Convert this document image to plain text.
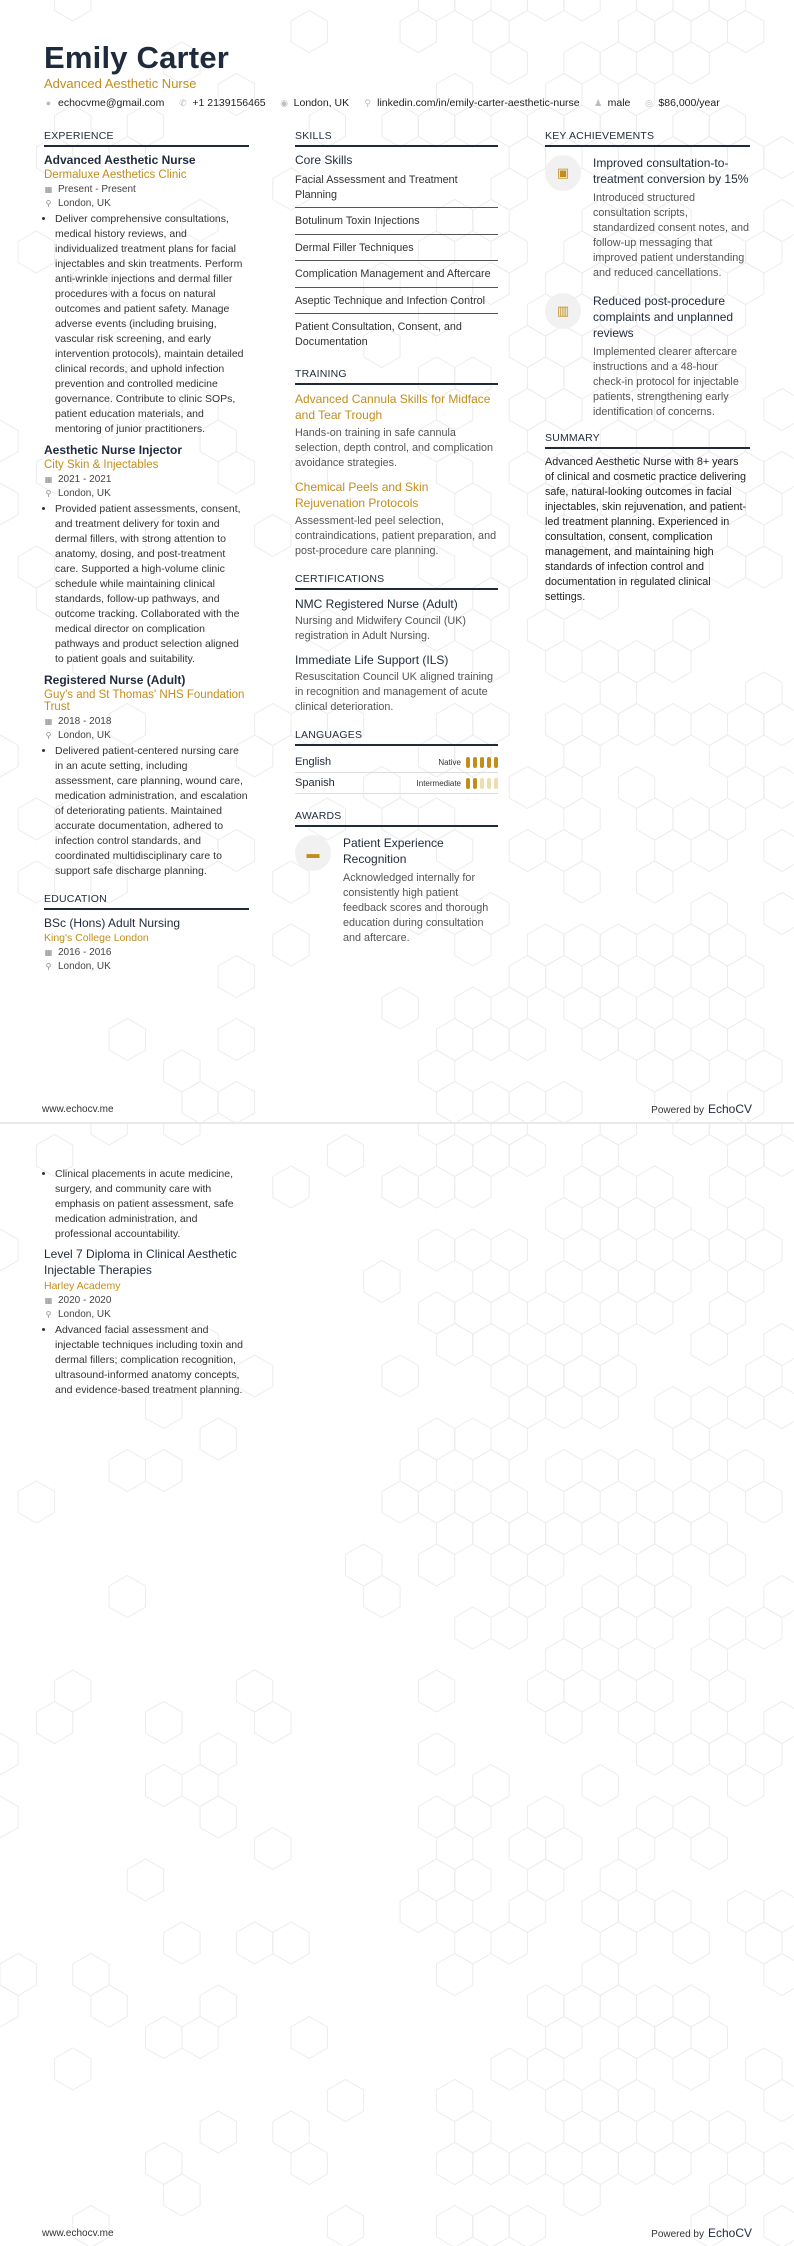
Emily Carter
Advanced Aesthetic Nurse
● echocvme@gmail.com ✆ +1 2139156465 ◉ London, UK ⚲ linkedin.com/in/emily-carter-aesthetic-nurse ♟ male ◎ $86,000/year
EXPERIENCE
Advanced Aesthetic Nurse
Dermaluxe Aesthetics Clinic
▦ Present - Present
⚲ London, UK
• Deliver comprehensive consultations, medical history reviews, and individualized treatment plans for facial injectables and skin treatments. Perform anti-wrinkle injections and dermal filler procedures with a focus on natural outcomes and patient safety. Manage adverse events (including bruising, vascular risk screening, and early intervention protocols), maintain detailed clinical records, and uphold infection prevention and controlled medicine governance. Contribute to clinic SOPs, patient education materials, and mentoring of junior practitioners.
Aesthetic Nurse Injector
City Skin & Injectables
▦ 2021 - 2021
⚲ London, UK
• Provided patient assessments, consent, and treatment delivery for toxin and dermal fillers, with strong attention to anatomy, dosing, and post-treatment care. Supported a high-volume clinic schedule while maintaining clinical standards, follow-up pathways, and outcome tracking. Collaborated with the medical director on complication pathways and product selection aligned to patient goals and suitability.
Registered Nurse (Adult)
Guy's and St Thomas' NHS Foundation Trust
▦ 2018 - 2018
⚲ London, UK
• Delivered patient-centered nursing care in an acute setting, including assessment, care planning, wound care, medication administration, and escalation of deteriorating patients. Maintained accurate documentation, adhered to infection control standards, and coordinated multidisciplinary care to support safe discharge planning.
EDUCATION
BSc (Hons) Adult Nursing
King's College London
▦ 2016 - 2016
⚲ London, UK
SKILLS
Core Skills
Facial Assessment and Treatment Planning
Botulinum Toxin Injections
Dermal Filler Techniques
Complication Management and Aftercare
Aseptic Technique and Infection Control
Patient Consultation, Consent, and Documentation
TRAINING
Advanced Cannula Skills for Midface and Tear Trough
Hands-on training in safe cannula selection, depth control, and complication avoidance strategies.
Chemical Peels and Skin Rejuvenation Protocols
Assessment-led peel selection, contraindications, patient preparation, and post-procedure care planning.
CERTIFICATIONS
NMC Registered Nurse (Adult)
Nursing and Midwifery Council (UK) registration in Adult Nursing.
Immediate Life Support (ILS)
Resuscitation Council UK aligned training in recognition and management of acute clinical deterioration.
LANGUAGES
English	Native
Spanish	Intermediate
AWARDS
▬
Patient Experience Recognition
Acknowledged internally for consistently high patient feedback scores and thorough education during consultation and aftercare.
KEY ACHIEVEMENTS
▣
Improved consultation-to-treatment conversion by 15%
Introduced structured consultation scripts, standardized consent notes, and follow-up messaging that improved patient understanding and reduced cancellations.
▥
Reduced post-procedure complaints and unplanned reviews
Implemented clearer aftercare instructions and a 48-hour check-in protocol for injectable patients, strengthening early identification of concerns.
SUMMARY
Advanced Aesthetic Nurse with 8+ years of clinical and cosmetic practice delivering safe, natural-looking outcomes in facial injectables, skin rejuvenation, and patient-led treatment planning. Experienced in consultation, consent, complication management, and maintaining high standards of infection control and documentation in regulated clinical settings.
www.echocv.me	Powered by EchoCV
• Clinical placements in acute medicine, surgery, and community care with emphasis on patient assessment, safe medication administration, and professional accountability.
Level 7 Diploma in Clinical Aesthetic Injectable Therapies
Harley Academy
▦ 2020 - 2020
⚲ London, UK
• Advanced facial assessment and injectable techniques including toxin and dermal fillers; complication recognition, ultrasound-informed anatomy concepts, and evidence-based treatment planning.
www.echocv.me	Powered by EchoCV
